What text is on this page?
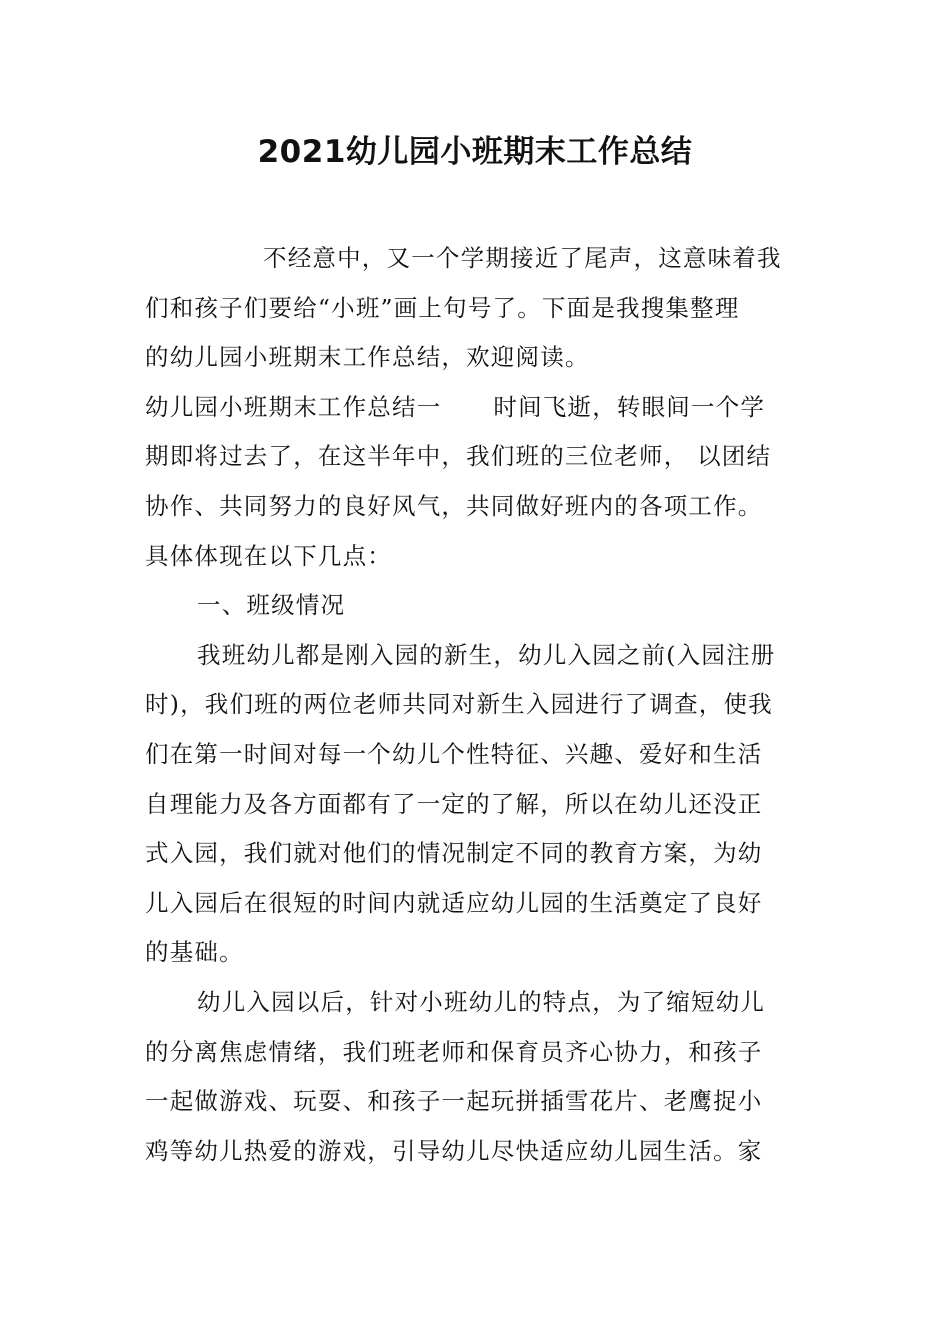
2021幼儿园小班期末工作总结
不经意中，又一个学期接近了尾声，这意味着我
们和孩子们要给“小班”画上句号了。下面是我搜集整理
的幼儿园小班期末工作总结，欢迎阅读。
幼儿园小班期末工作总结一 时间飞逝，转眼间一个学
期即将过去了，在这半年中，我们班的三位老师， 以团结
协作、共同努力的良好风气，共同做好班内的各项工作。
具体体现在以下几点：
一、班级情况
我班幼儿都是刚入园的新生，幼儿入园之前(入园注册
时)，我们班的两位老师共同对新生入园进行了调查，使我
们在第一时间对每一个幼儿个性特征、兴趣、爱好和生活
自理能力及各方面都有了一定的了解，所以在幼儿还没正
式入园，我们就对他们的情况制定不同的教育方案，为幼
儿入园后在很短的时间内就适应幼儿园的生活奠定了良好
的基础。
幼儿入园以后，针对小班幼儿的特点，为了缩短幼儿
的分离焦虑情绪，我们班老师和保育员齐心协力，和孩子
一起做游戏、玩耍、和孩子一起玩拼插雪花片、老鹰捉小
鸡等幼儿热爱的游戏，引导幼儿尽快适应幼儿园生活。家
